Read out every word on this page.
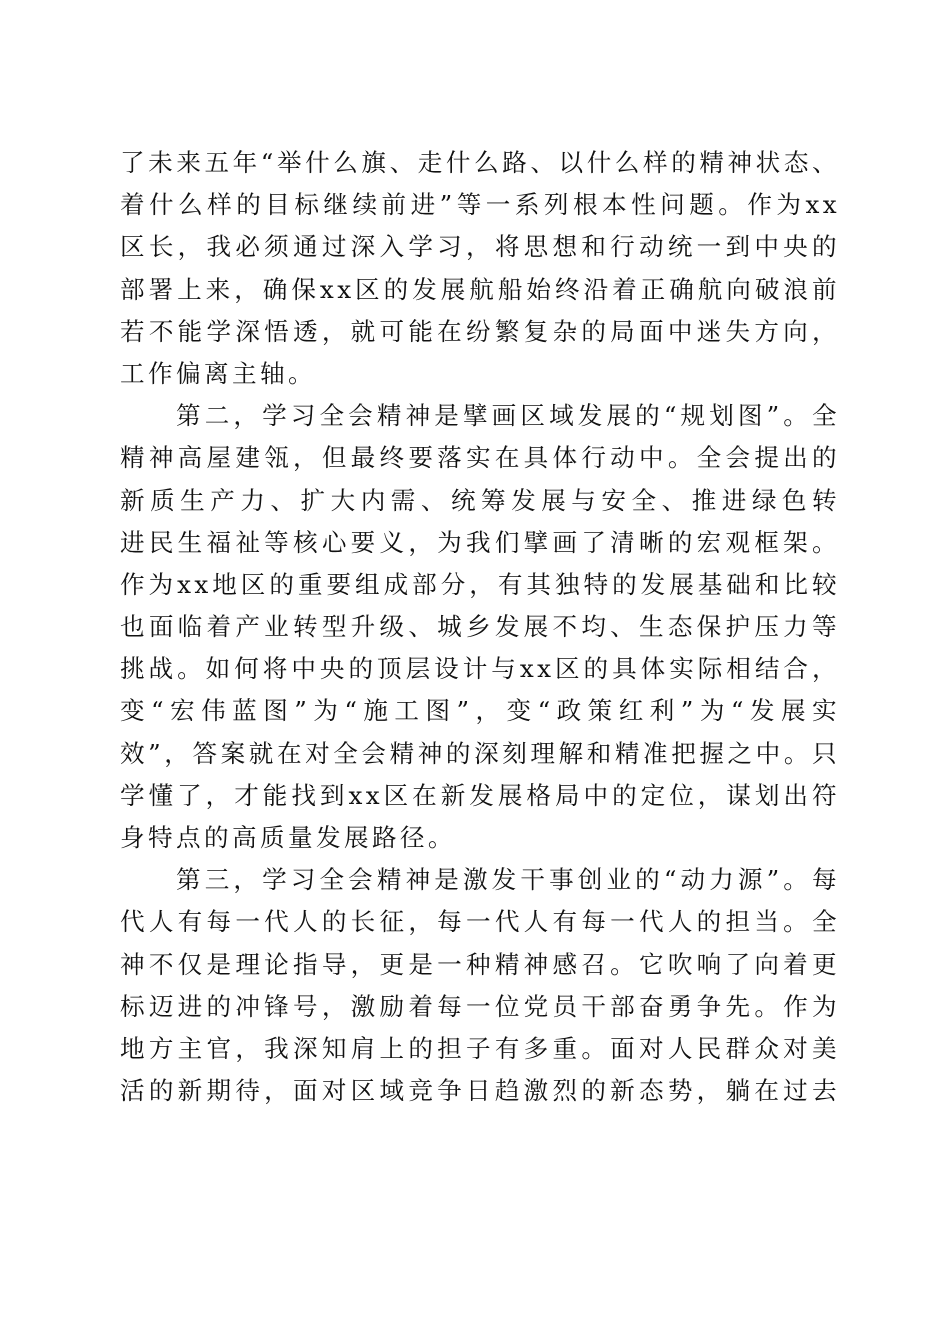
了未来五年“举什么旗、走什么路、以什么样的精神状态、
着什么样的目标继续前进”等一系列根本性问题。作为xx
区长，我必须通过深入学习，将思想和行动统一到中央的
部署上来，确保xx区的发展航船始终沿着正确航向破浪前
若不能学深悟透，就可能在纷繁复杂的局面中迷失方向，
工作偏离主轴。
第二，学习全会精神是擘画区域发展的“规划图”。全
精神高屋建瓴，但最终要落实在具体行动中。全会提出的
新质生产力、扩大内需、统筹发展与安全、推进绿色转
进民生福祉等核心要义，为我们擘画了清晰的宏观框架。
作为xx地区的重要组成部分，有其独特的发展基础和比较
也面临着产业转型升级、城乡发展不均、生态保护压力等
挑战。如何将中央的顶层设计与xx区的具体实际相结合，
变“宏伟蓝图”为“施工图”，变“政策红利”为“发展实
效”，答案就在对全会精神的深刻理解和精准把握之中。只
学懂了，才能找到xx区在新发展格局中的定位，谋划出符
身特点的高质量发展路径。
第三，学习全会精神是激发干事创业的“动力源”。每
代人有每一代人的长征，每一代人有每一代人的担当。全
神不仅是理论指导，更是一种精神感召。它吹响了向着更
标迈进的冲锋号，激励着每一位党员干部奋勇争先。作为
地方主官，我深知肩上的担子有多重。面对人民群众对美
活的新期待，面对区域竞争日趋激烈的新态势，躺在过去
